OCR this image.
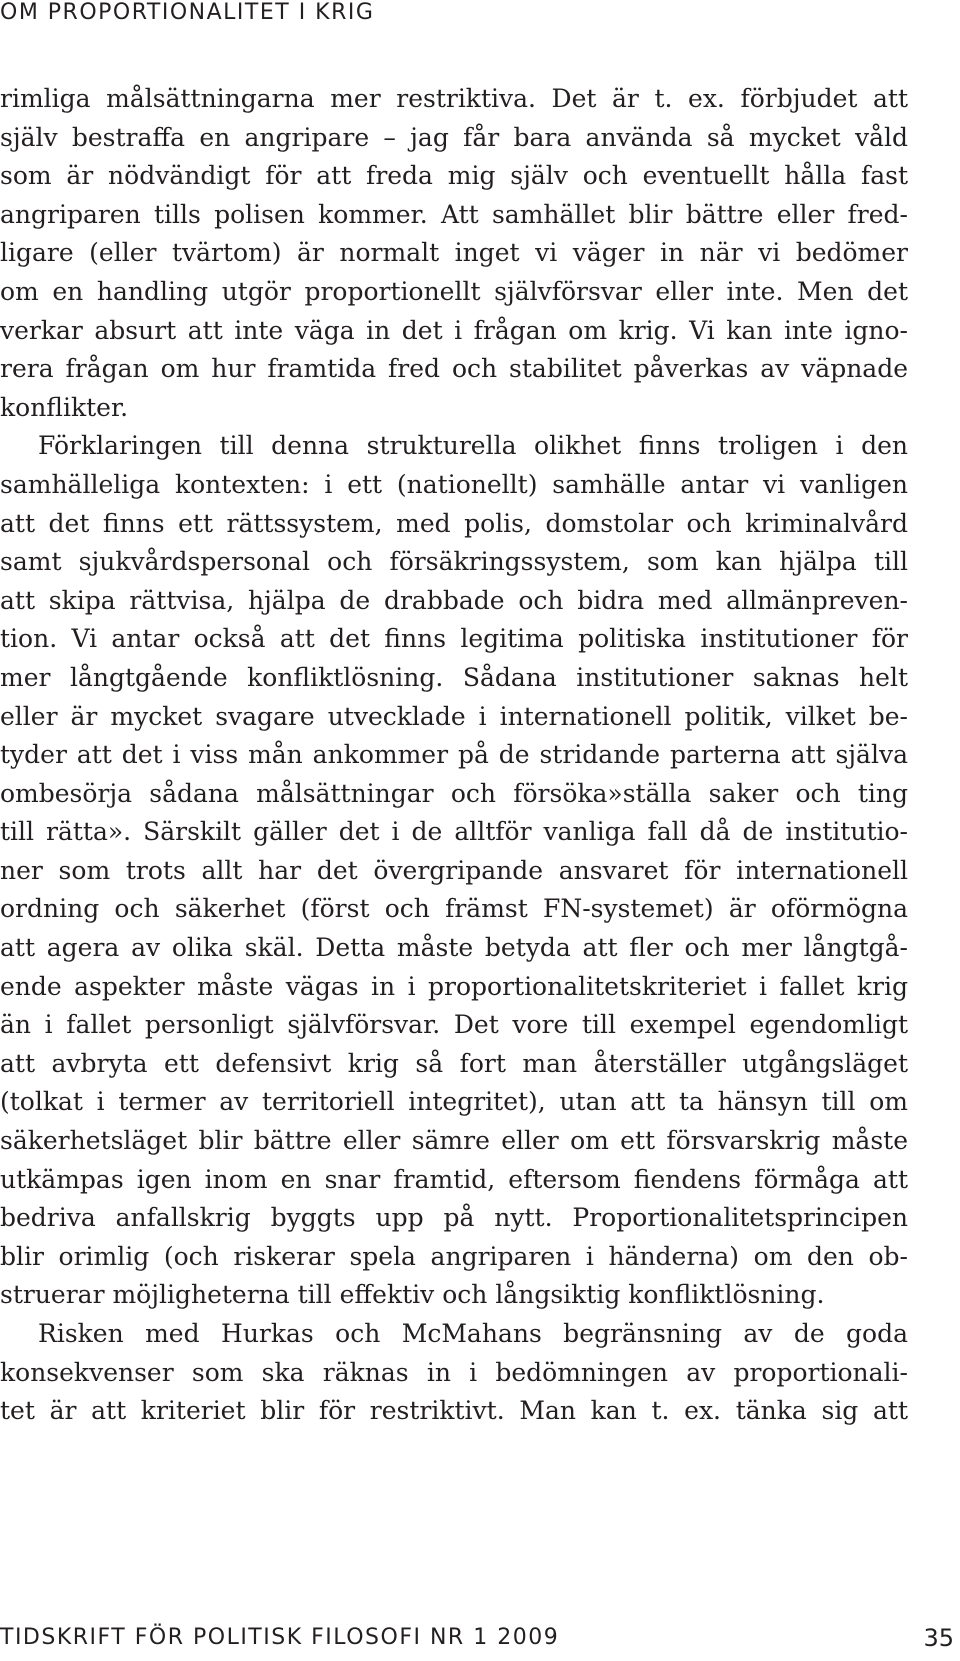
OM PROPORTIONALITET I KRIG
rimliga målsättningarna mer restriktiva. Det är t. ex. förbjudet att
själv bestraffa en angripare – jag får bara använda så mycket våld
som är nödvändigt för att freda mig själv och eventuellt hålla fast
angriparen tills polisen kommer. Att samhället blir bättre eller fred-
ligare (eller tvärtom) är normalt inget vi väger in när vi bedömer
om en handling utgör proportionellt självförsvar eller inte. Men det
verkar absurt att inte väga in det i frågan om krig. Vi kan inte igno-
rera frågan om hur framtida fred och stabilitet påverkas av väpnade
konflikter.
Förklaringen till denna strukturella olikhet finns troligen i den
samhälleliga kontexten: i ett (nationellt) samhälle antar vi vanligen
att det finns ett rättssystem, med polis, domstolar och kriminalvård
samt sjukvårdspersonal och försäkringssystem, som kan hjälpa till
att skipa rättvisa, hjälpa de drabbade och bidra med allmänpreven-
tion. Vi antar också att det finns legitima politiska institutioner för
mer långtgående konfliktlösning. Sådana institutioner saknas helt
eller är mycket svagare utvecklade i internationell politik, vilket be-
tyder att det i viss mån ankommer på de stridande parterna att själva
ombesörja sådana målsättningar och försöka»ställa saker och ting
till rätta». Särskilt gäller det i de alltför vanliga fall då de institutio-
ner som trots allt har det övergripande ansvaret för internationell
ordning och säkerhet (först och främst FN-systemet) är oförmögna
att agera av olika skäl. Detta måste betyda att fler och mer långtgå-
ende aspekter måste vägas in i proportionalitetskriteriet i fallet krig
än i fallet personligt självförsvar. Det vore till exempel egendomligt
att avbryta ett defensivt krig så fort man återställer utgångsläget
(tolkat i termer av territoriell integritet), utan att ta hänsyn till om
säkerhetsläget blir bättre eller sämre eller om ett försvarskrig måste
utkämpas igen inom en snar framtid, eftersom fiendens förmåga att
bedriva anfallskrig byggts upp på nytt. Proportionalitetsprincipen
blir orimlig (och riskerar spela angriparen i händerna) om den ob-
struerar möjligheterna till effektiv och långsiktig konfliktlösning.
Risken med Hurkas och McMahans begränsning av de goda
konsekvenser som ska räknas in i bedömningen av proportionali-
tet är att kriteriet blir för restriktivt. Man kan t. ex. tänka sig att
TIDSKRIFT FÖR POLITISK FILOSOFI NR 1 2009	35
